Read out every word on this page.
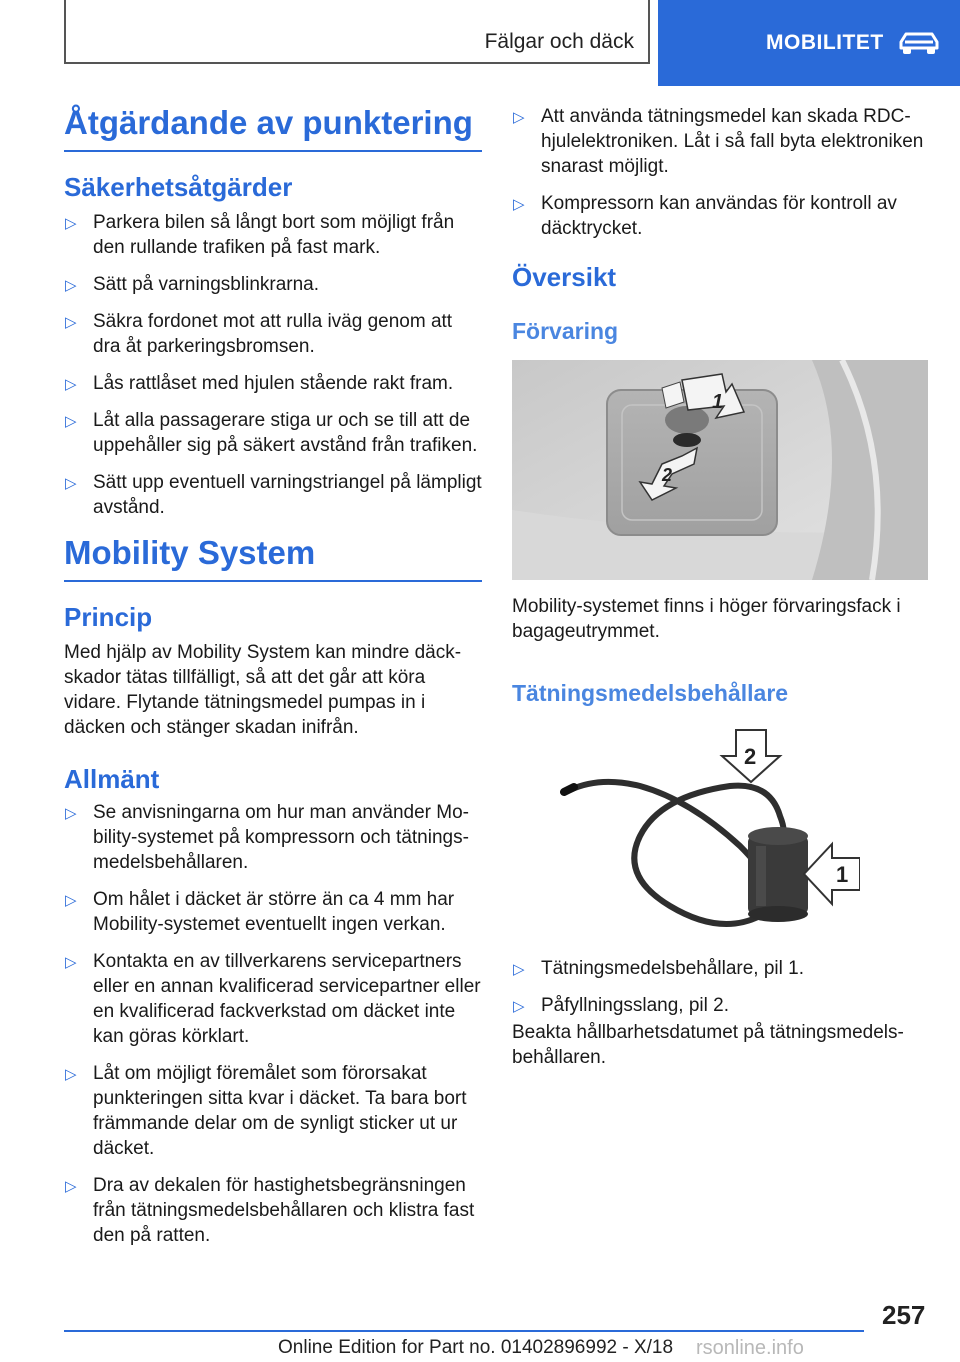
Fälgar och däck	MOBILITET
Åtgärdande av punktering
Säkerhetsåtgärder
▷ Parkera bilen så långt bort som möjligt från den rullande trafiken på fast mark.
▷ Sätt på varningsblinkrarna.
▷ Säkra fordonet mot att rulla iväg genom att dra åt parkeringsbromsen.
▷ Lås rattlåset med hjulen stående rakt fram.
▷ Låt alla passagerare stiga ur och se till att de uppehåller sig på säkert avstånd från trafiken.
▷ Sätt upp eventuell varningstriangel på lämpligt avstånd.
Mobility System
Princip
Med hjälp av Mobility System kan mindre däckskador tätas tillfälligt, så att det går att köra vidare. Flytande tätningsmedel pumpas in i däcken och stänger skadan inifrån.
Allmänt
▷ Se anvisningarna om hur man använder Mobility-systemet på kompressorn och tätningsmedelsbehållaren.
▷ Om hålet i däcket är större än ca 4 mm har Mobility-systemet eventuellt ingen verkan.
▷ Kontakta en av tillverkarens servicepartners eller en annan kvalificerad servicepartner eller en kvalificerad fackverkstad om däcket inte kan göras körklart.
▷ Låt om möjligt föremålet som förorsakat punkteringen sitta kvar i däcket. Ta bara bort främmande delar om de synligt sticker ut ur däcket.
▷ Dra av dekalen för hastighetsbegränsningen från tätningsmedelsbehållaren och klistra fast den på ratten.
▷ Att använda tätningsmedel kan skada RDC-hjulelektroniken. Låt i så fall byta elektroniken snarast möjligt.
▷ Kompressorn kan användas för kontroll av däcktrycket.
Översikt
Förvaring
1
2
Mobility-systemet finns i höger förvaringsfack i bagageutrymmet.
Tätningsmedelsbehållare
2
1
▷ Tätningsmedelsbehållare, pil 1.
▷ Påfyllningsslang, pil 2.
Beakta hållbarhetsdatumet på tätningsmedelsbehållaren.
257
Online Edition for Part no. 01402896992 - X/18 rsonline.info
